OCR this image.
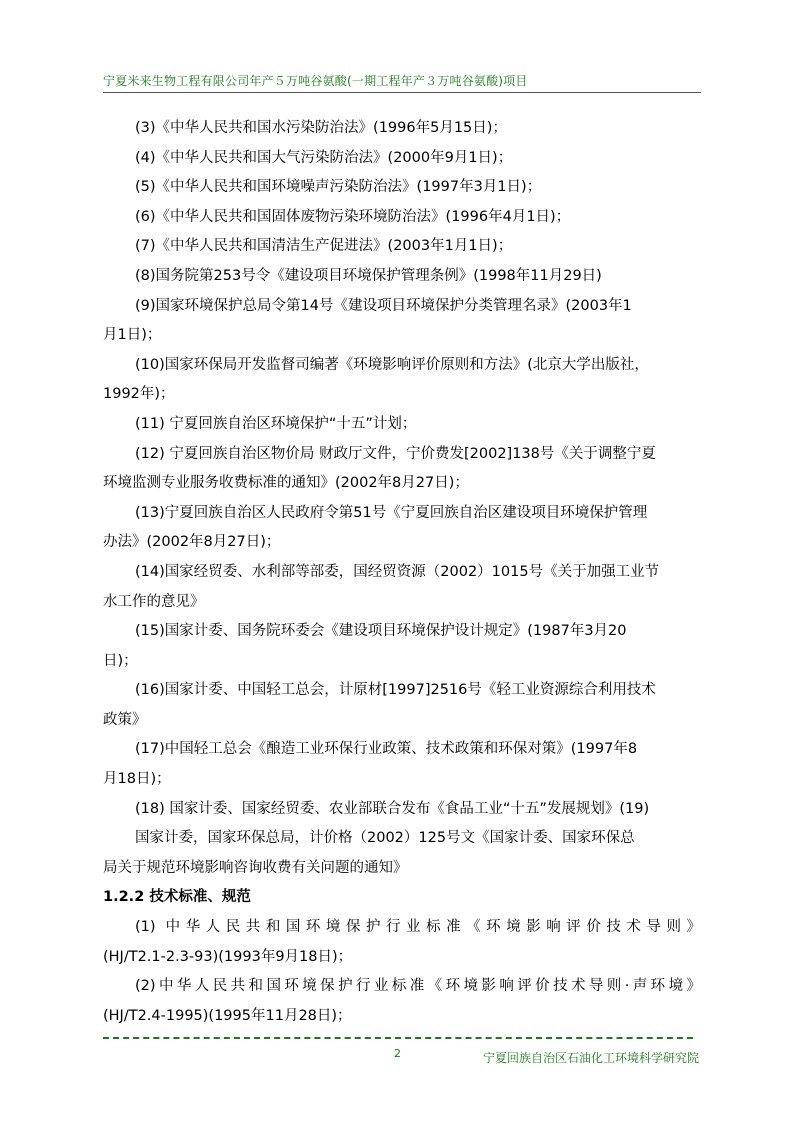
宁夏米来生物工程有限公司年产５万吨谷氨酸(一期工程年产３万吨谷氨酸)项目
(3)《中华人民共和国水污染防治法》(1996年5月15日)；
(4)《中华人民共和国大气污染防治法》(2000年9月1日)；
(5)《中华人民共和国环境噪声污染防治法》(1997年3月1日)；
(6)《中华人民共和国固体废物污染环境防治法》(1996年4月1日)；
(7)《中华人民共和国清洁生产促进法》(2003年1月1日)；
(8)国务院第253号令《建设项目环境保护管理条例》(1998年11月29日)
(9)国家环境保护总局令第14号《建设项目环境保护分类管理名录》(2003年1
月1日)；
(10)国家环保局开发监督司编著《环境影响评价原则和方法》(北京大学出版社，
1992年)；
(11) 宁夏回族自治区环境保护“十五”计划；
(12) 宁夏回族自治区物价局 财政厅文件，宁价费发[2002]138号《关于调整宁夏
环境监测专业服务收费标准的通知》(2002年8月27日)；
(13)宁夏回族自治区人民政府令第51号《宁夏回族自治区建设项目环境保护管理
办法》(2002年8月27日)；
(14)国家经贸委、水利部等部委，国经贸资源（2002）1015号《关于加强工业节
水工作的意见》
(15)国家计委、国务院环委会《建设项目环境保护设计规定》(1987年3月20
日)；
(16)国家计委、中国轻工总会，计原材[1997]2516号《轻工业资源综合利用技术
政策》
(17)中国轻工总会《酿造工业环保行业政策、技术政策和环保对策》(1997年8
月18日)；
(18) 国家计委、国家经贸委、农业部联合发布《食品工业“十五”发展规划》(19)
国家计委，国家环保总局，计价格（2002）125号文《国家计委、国家环保总
局关于规范环境影响咨询收费有关问题的通知》
1.2.2 技术标准、规范
(1) 中华人民共和国环境保护行业标准《环境影响评价技术导则》
(HJ/T2.1-2.3-93)(1993年9月18日)；
(2)中华人民共和国环境保护行业标准《环境影响评价技术导则·声环境》
(HJ/T2.4-1995)(1995年11月28日)；
2	宁夏回族自治区石油化工环境科学研究院
